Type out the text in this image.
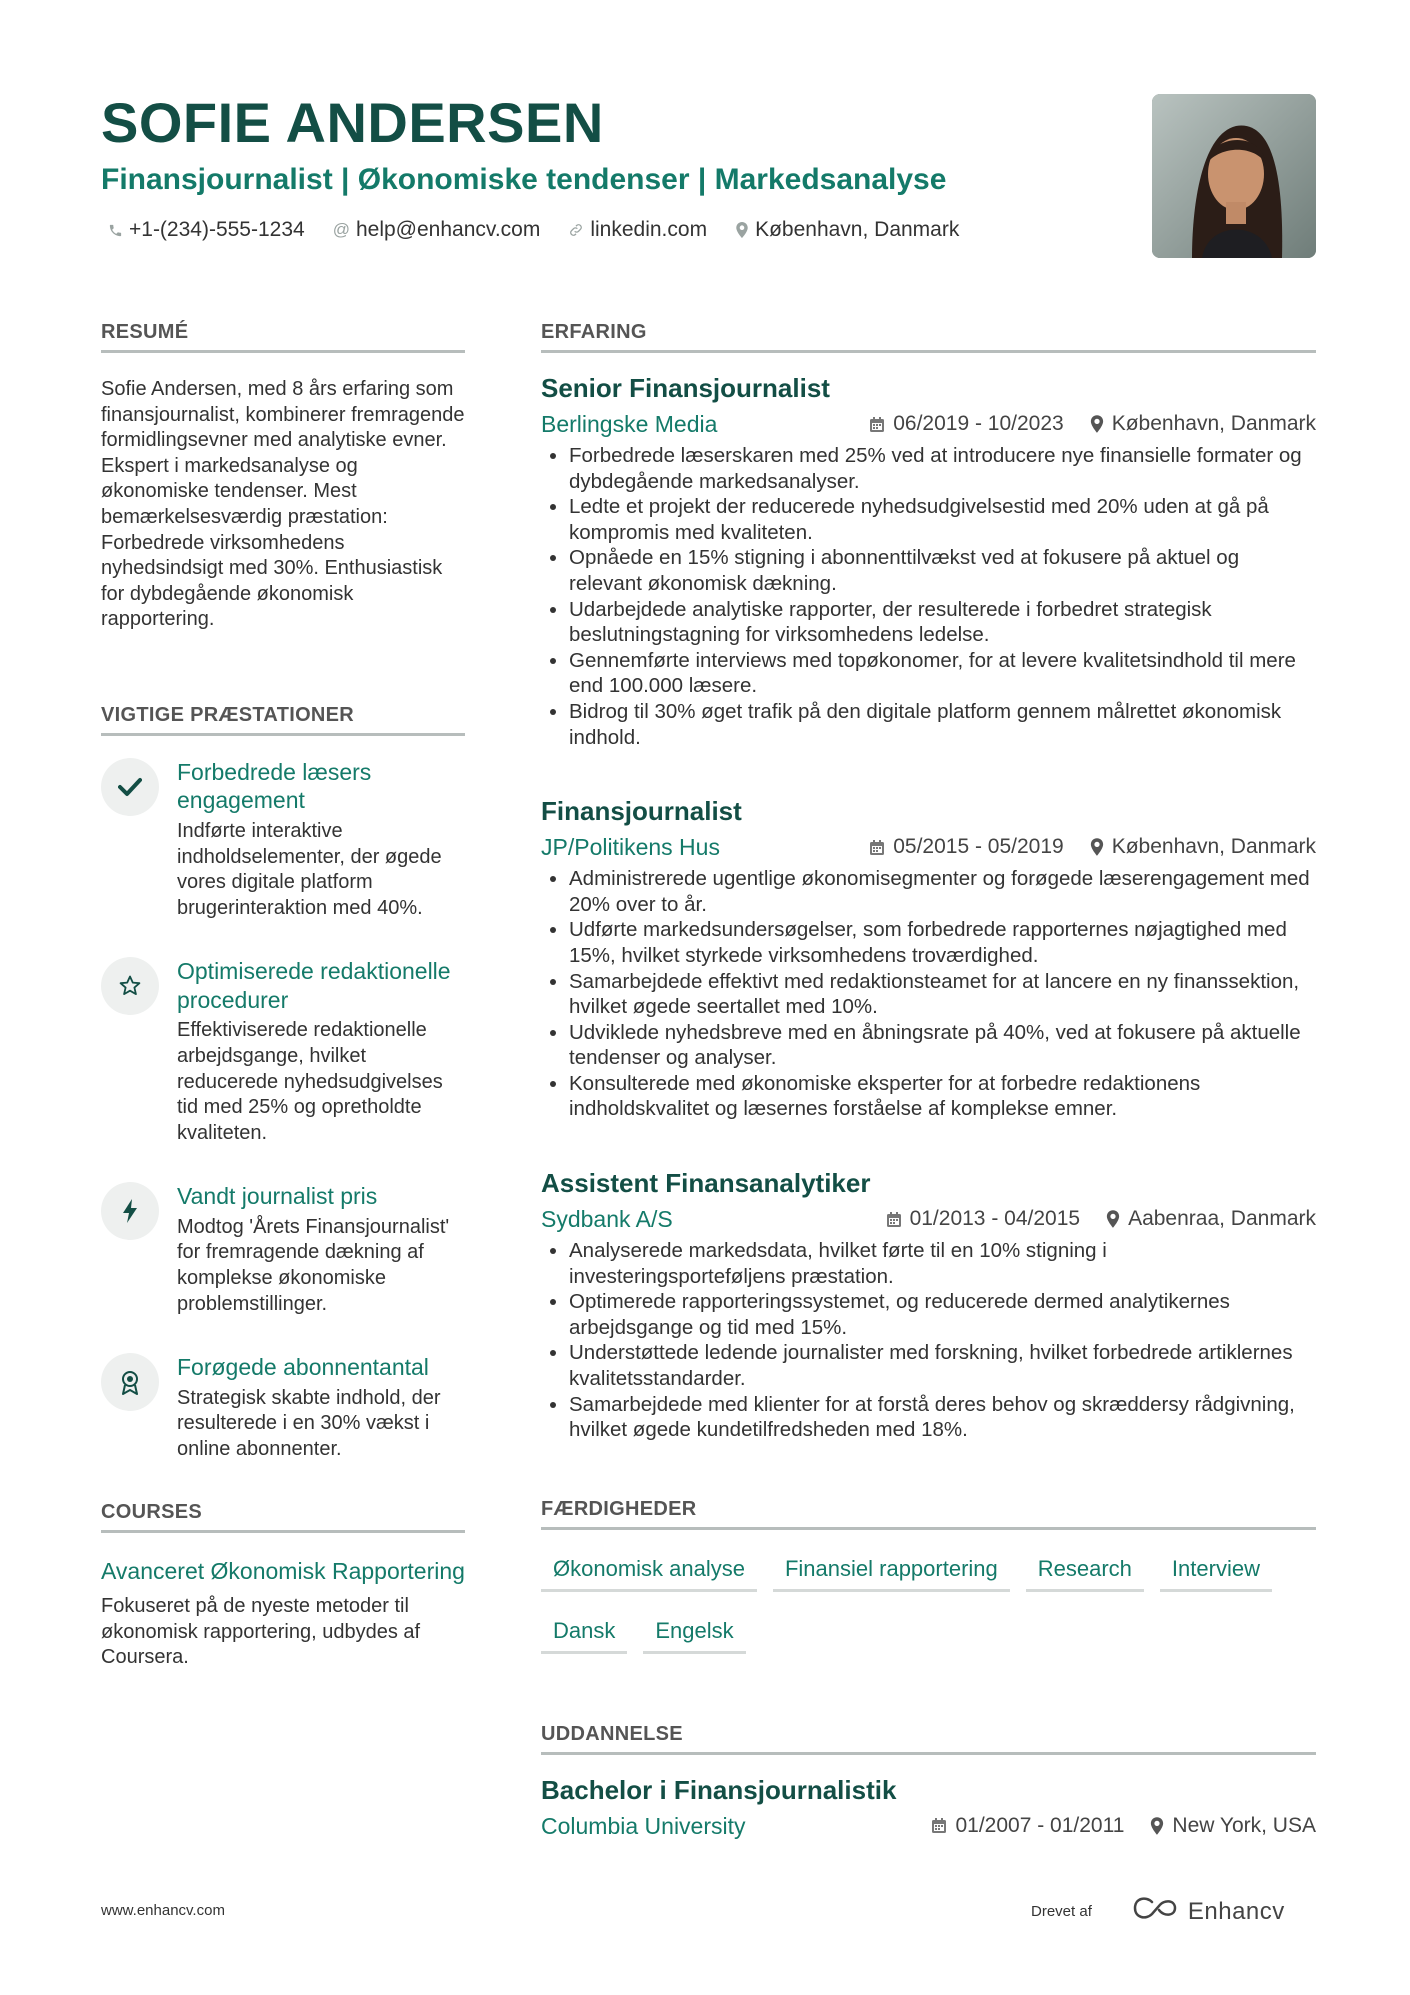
SOFIE ANDERSEN
Finansjournalist | Økonomiske tendenser | Markedsanalyse
+1-(234)-555-1234 @ help@enhancv.com linkedin.com København, Danmark
RESUMÉ

Sofie Andersen, med 8 års erfaring som finansjournalist, kombinerer fremragende formidlingsevner med analytiske evner. Ekspert i markedsanalyse og økonomiske tendenser. Mest bemærkelsesværdig præstation: Forbedrede virksomhedens nyhedsindsigt med 30%. Enthusiastisk for dybdegående økonomisk rapportering.

VIGTIGE PRÆSTATIONER

Forbedrede læsers engagement

Indførte interaktive indholdselementer, der øgede vores digitale platform brugerinteraktion med 40%.

Optimiserede redaktionelle procedurer

Effektiviserede redaktionelle arbejdsgange, hvilket reducerede nyhedsudgivelses tid med 25% og opretholdte kvaliteten.

Vandt journalist pris

Modtog 'Årets Finansjournalist' for fremragende dækning af komplekse økonomiske problemstillinger.

Forøgede abonnentantal

Strategisk skabte indhold, der resulterede i en 30% vækst i online abonnenter.

COURSES

Avanceret Økonomisk Rapportering

Fokuseret på de nyeste metoder til økonomisk rapportering, udbydes af Coursera.

ERFARING
Senior Finansjournalist
Berlingske Media	06/2019 - 10/2023 København, Danmark
• Forbedrede læserskaren med 25% ved at introducere nye finansielle formater og dybdegående markedsanalyser.
• Ledte et projekt der reducerede nyhedsudgivelsestid med 20% uden at gå på kompromis med kvaliteten.
• Opnåede en 15% stigning i abonnenttilvækst ved at fokusere på aktuel og relevant økonomisk dækning.
• Udarbejdede analytiske rapporter, der resulterede i forbedret strategisk beslutningstagning for virksomhedens ledelse.
• Gennemførte interviews med topøkonomer, for at levere kvalitetsindhold til mere end 100.000 læsere.
• Bidrog til 30% øget trafik på den digitale platform gennem målrettet økonomisk indhold.
Finansjournalist
JP/Politikens Hus	05/2015 - 05/2019 København, Danmark
• Administrerede ugentlige økonomisegmenter og forøgede læserengagement med 20% over to år.
• Udførte markedsundersøgelser, som forbedrede rapporternes nøjagtighed med 15%, hvilket styrkede virksomhedens troværdighed.
• Samarbejdede effektivt med redaktionsteamet for at lancere en ny finanssektion, hvilket øgede seertallet med 10%.
• Udviklede nyhedsbreve med en åbningsrate på 40%, ved at fokusere på aktuelle tendenser og analyser.
• Konsulterede med økonomiske eksperter for at forbedre redaktionens indholdskvalitet og læsernes forståelse af komplekse emner.
Assistent Finansanalytiker
Sydbank A/S	01/2013 - 04/2015 Aabenraa, Danmark
• Analyserede markedsdata, hvilket førte til en 10% stigning i investeringsporteføljens præstation.
• Optimerede rapporteringssystemet, og reducerede dermed analytikernes arbejdsgange og tid med 15%.
• Understøttede ledende journalister med forskning, hvilket forbedrede artiklernes kvalitetsstandarder.
• Samarbejdede med klienter for at forstå deres behov og skræddersy rådgivning, hvilket øgede kundetilfredsheden med 18%.
FÆRDIGHEDER
Økonomisk analyse	Finansiel rapportering	Research	Interview
Dansk	Engelsk
UDDANNELSE
Bachelor i Finansjournalistik
Columbia University	01/2007 - 01/2011 New York, USA
www.enhancv.com	Drevet af	Enhancv
